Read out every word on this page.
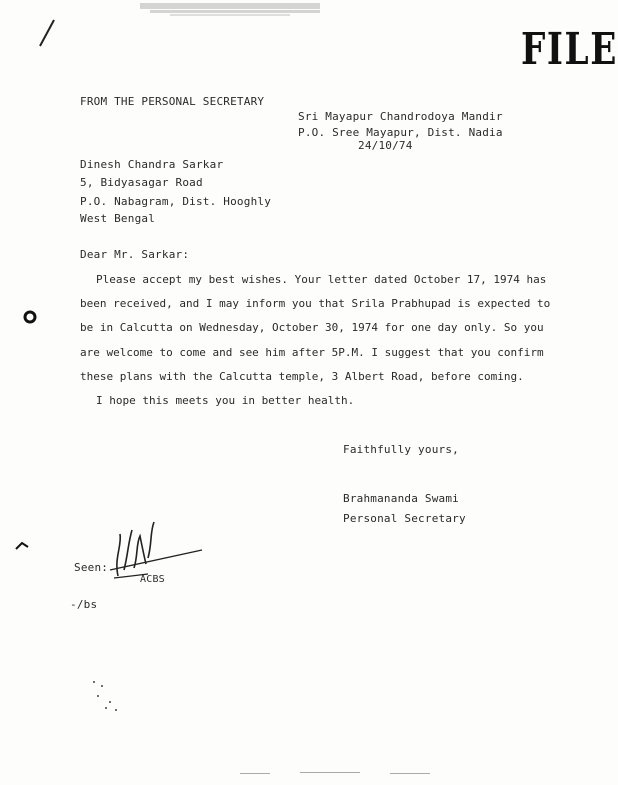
FILE
FROM THE PERSONAL SECRETARY
Sri Mayapur Chandrodoya Mandir
P.O. Sree Mayapur, Dist. Nadia
24/10/74
Dinesh Chandra Sarkar
5, Bidyasagar Road
P.O. Nabagram, Dist. Hooghly
West Bengal
Dear Mr. Sarkar:
Please accept my best wishes. Your letter dated October 17, 1974 has
been received, and I may inform you that Srila Prabhupad is expected to
be in Calcutta on Wednesday, October 30, 1974 for one day only. So you
are welcome to come and see him after 5P.M. I suggest that you confirm
these plans with the Calcutta temple, 3 Albert Road, before coming.
I hope this meets you in better health.
Faithfully yours,
Brahmananda Swami
Personal Secretary
Seen:
ACBS
-/bs
